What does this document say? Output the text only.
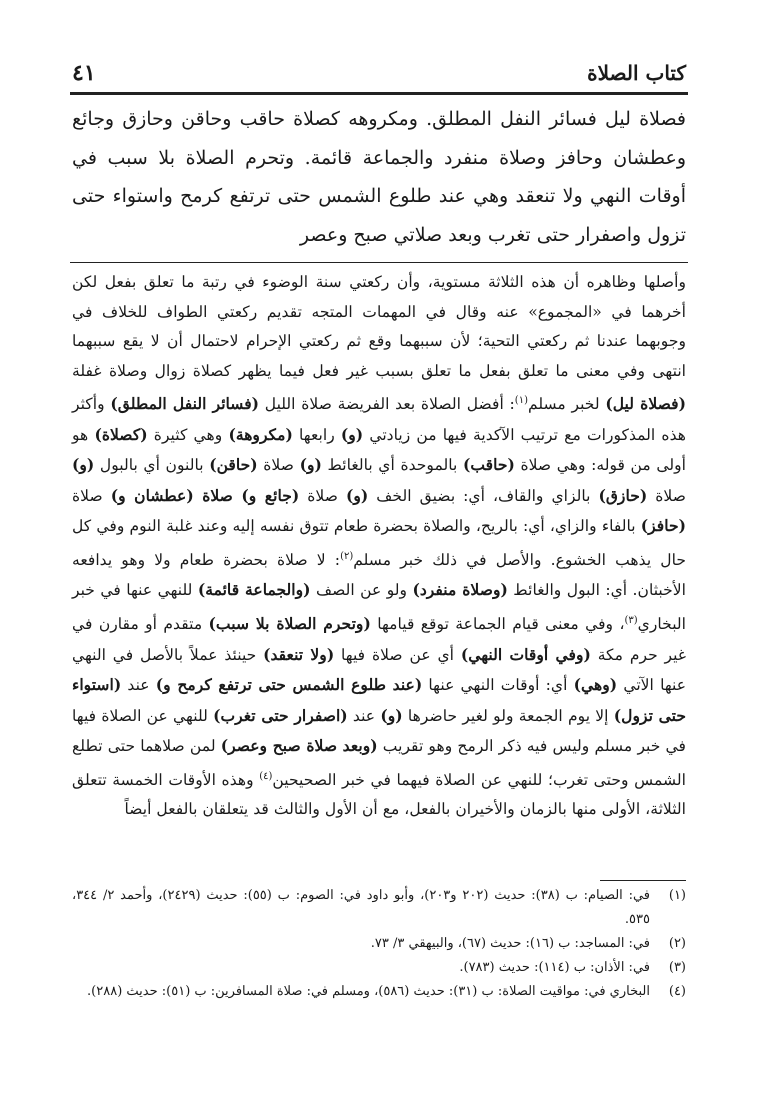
٤١	كتاب الصلاة
فصلاة ليل فسائر النفل المطلق. ومكروهه كصلاة حاقب وحاقن وحازق وجائع وعطشان وحافز وصلاة منفرد والجماعة قائمة. وتحرم الصلاة بلا سبب في أوقات النهي ولا تنعقد وهي عند طلوع الشمس حتى ترتفع كرمح واستواء حتى تزول واصفرار حتى تغرب وبعد صلاتي صبح وعصر
وأصلها وظاهره أن هذه الثلاثة مستوية، وأن ركعتي سنة الوضوء في رتبة ما تعلق بفعل لكن أخرهما في «المجموع» عنه وقال في المهمات المتجه تقديم ركعتي الطواف للخلاف في وجوبهما عندنا ثم ركعتي التحية؛ لأن سببهما وقع ثم ركعتي الإحرام لاحتمال أن لا يقع سببهما انتهى وفي معنى ما تعلق بفعل ما تعلق بسبب غير فعل فيما يظهر كصلاة زوال وصلاة غفلة (فصلاة ليل) لخبر مسلم$^{(١)}$: أفضل الصلاة بعد الفريضة صلاة الليل (فسائر النفل المطلق) وأكثر هذه المذكورات مع ترتيب الآكدية فيها من زيادتي (و) رابعها (مكروهة) وهي كثيرة (كصلاة) هو أولى من قوله: وهي صلاة (حاقب) بالموحدة أي بالغائط (و) صلاة (حاقن) بالنون أي بالبول (و) صلاة (حازق) بالزاي والقاف، أي: بضيق الخف (و) صلاة (جائع و) صلاة (عطشان و) صلاة (حافز) بالفاء والزاي، أي: بالريح، والصلاة بحضرة طعام تتوق نفسه إليه وعند غلبة النوم وفي كل حال يذهب الخشوع. والأصل في ذلك خبر مسلم$^{(٢)}$: لا صلاة بحضرة طعام ولا وهو يدافعه الأخبثان. أي: البول والغائط (وصلاة منفرد) ولو عن الصف (والجماعة قائمة) للنهي عنها في خبر البخاري$^{(٣)}$، وفي معنى قيام الجماعة توقع قيامها (وتحرم الصلاة بلا سبب) متقدم أو مقارن في غير حرم مكة (وفي أوقات النهي) أي عن صلاة فيها (ولا تنعقد) حينئذ عملاً بالأصل في النهي عنها الآتي (وهي) أي: أوقات النهي عنها (عند طلوع الشمس حتى ترتفع كرمح و) عند (استواء حتى تزول) إلا يوم الجمعة ولو لغير حاضرها (و) عند (اصفرار حتى تغرب) للنهي عن الصلاة فيها في خبر مسلم وليس فيه ذكر الرمح وهو تقريب (وبعد صلاة صبح وعصر) لمن صلاهما حتى تطلع الشمس وحتى تغرب؛ للنهي عن الصلاة فيهما في خبر الصحيحين$^{(٤)}$ وهذه الأوقات الخمسة تتعلق الثلاثة، الأولى منها بالزمان والأخيران بالفعل، مع أن الأول والثالث قد يتعلقان بالفعل أيضاً
(١)
في: الصيام: ب (٣٨): حديث (٢٠٢ و٢٠٣)، وأبو داود في: الصوم: ب (٥٥): حديث (٢٤٢٩)، وأحمد ٢/ ٣٤٤، ٥٣٥.
(٢)
في: المساجد: ب (١٦): حديث (٦٧)، والبيهقي ٣/ ٧٣.
(٣)
في: الأذان: ب (١١٤): حديث (٧٨٣).
(٤)
البخاري في: مواقيت الصلاة: ب (٣١): حديث (٥٨٦)، ومسلم في: صلاة المسافرين: ب (٥١): حديث (٢٨٨).
